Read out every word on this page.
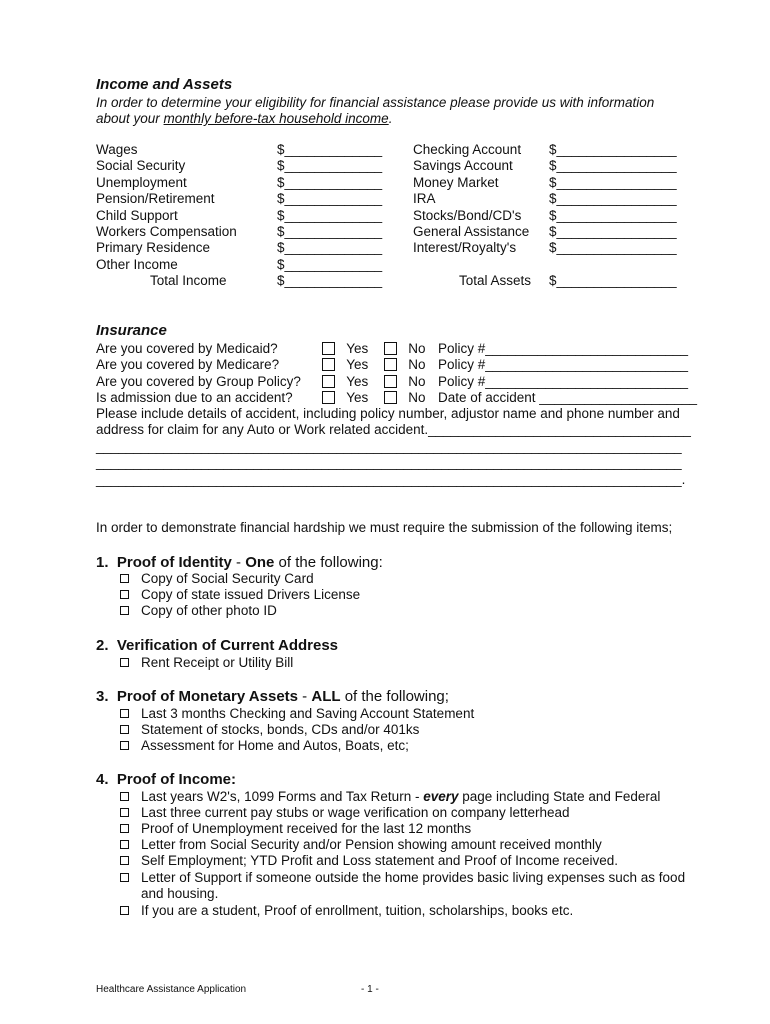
Income and Assets
In order to determine your eligibility for financial assistance please provide us with information
about your monthly before-tax household income.
Wages
Social Security
Unemployment
Pension/Retirement
Child Support
Workers Compensation
Primary Residence
Other Income
Total Income
$_____________
$_____________
$_____________
$_____________
$_____________
$_____________
$_____________
$_____________
$_____________
Checking Account
Savings Account
Money Market
IRA
Stocks/Bond/CD's
General Assistance
Interest/Royalty's

Total Assets
$________________
$________________
$________________
$________________
$________________
$________________
$________________

$________________
Insurance
Are you covered by Medicaid?
Are you covered by Medicare?
Are you covered by Group Policy?
Is admission due to an accident?
Yes
Yes
Yes
Yes
No
No
No
No
Policy #___________________________
Policy #___________________________
Policy #___________________________
Date of accident _____________________
Please include details of accident, including policy number, adjustor name and phone number and
address for claim for any Auto or Work related accident.___________________________________
______________________________________________________________________________
______________________________________________________________________________
______________________________________________________________________________.
In order to demonstrate financial hardship we must require the submission of the following items;
1. Proof of Identity - One of the following:
Copy of Social Security Card
Copy of state issued Drivers License
Copy of other photo ID
2. Verification of Current Address
Rent Receipt or Utility Bill
3. Proof of Monetary Assets - ALL of the following;
Last 3 months Checking and Saving Account Statement
Statement of stocks, bonds, CDs and/or 401ks
Assessment for Home and Autos, Boats, etc;
4. Proof of Income:
Last years W2's, 1099 Forms and Tax Return - every page including State and Federal
Last three current pay stubs or wage verification on company letterhead
Proof of Unemployment received for the last 12 months
Letter from Social Security and/or Pension showing amount received monthly
Self Employment; YTD Profit and Loss statement and Proof of Income received.
Letter of Support if someone outside the home provides basic living expenses such as food
and housing.
If you are a student, Proof of enrollment, tuition, scholarships, books etc.
Healthcare Assistance Application	- 1 -
